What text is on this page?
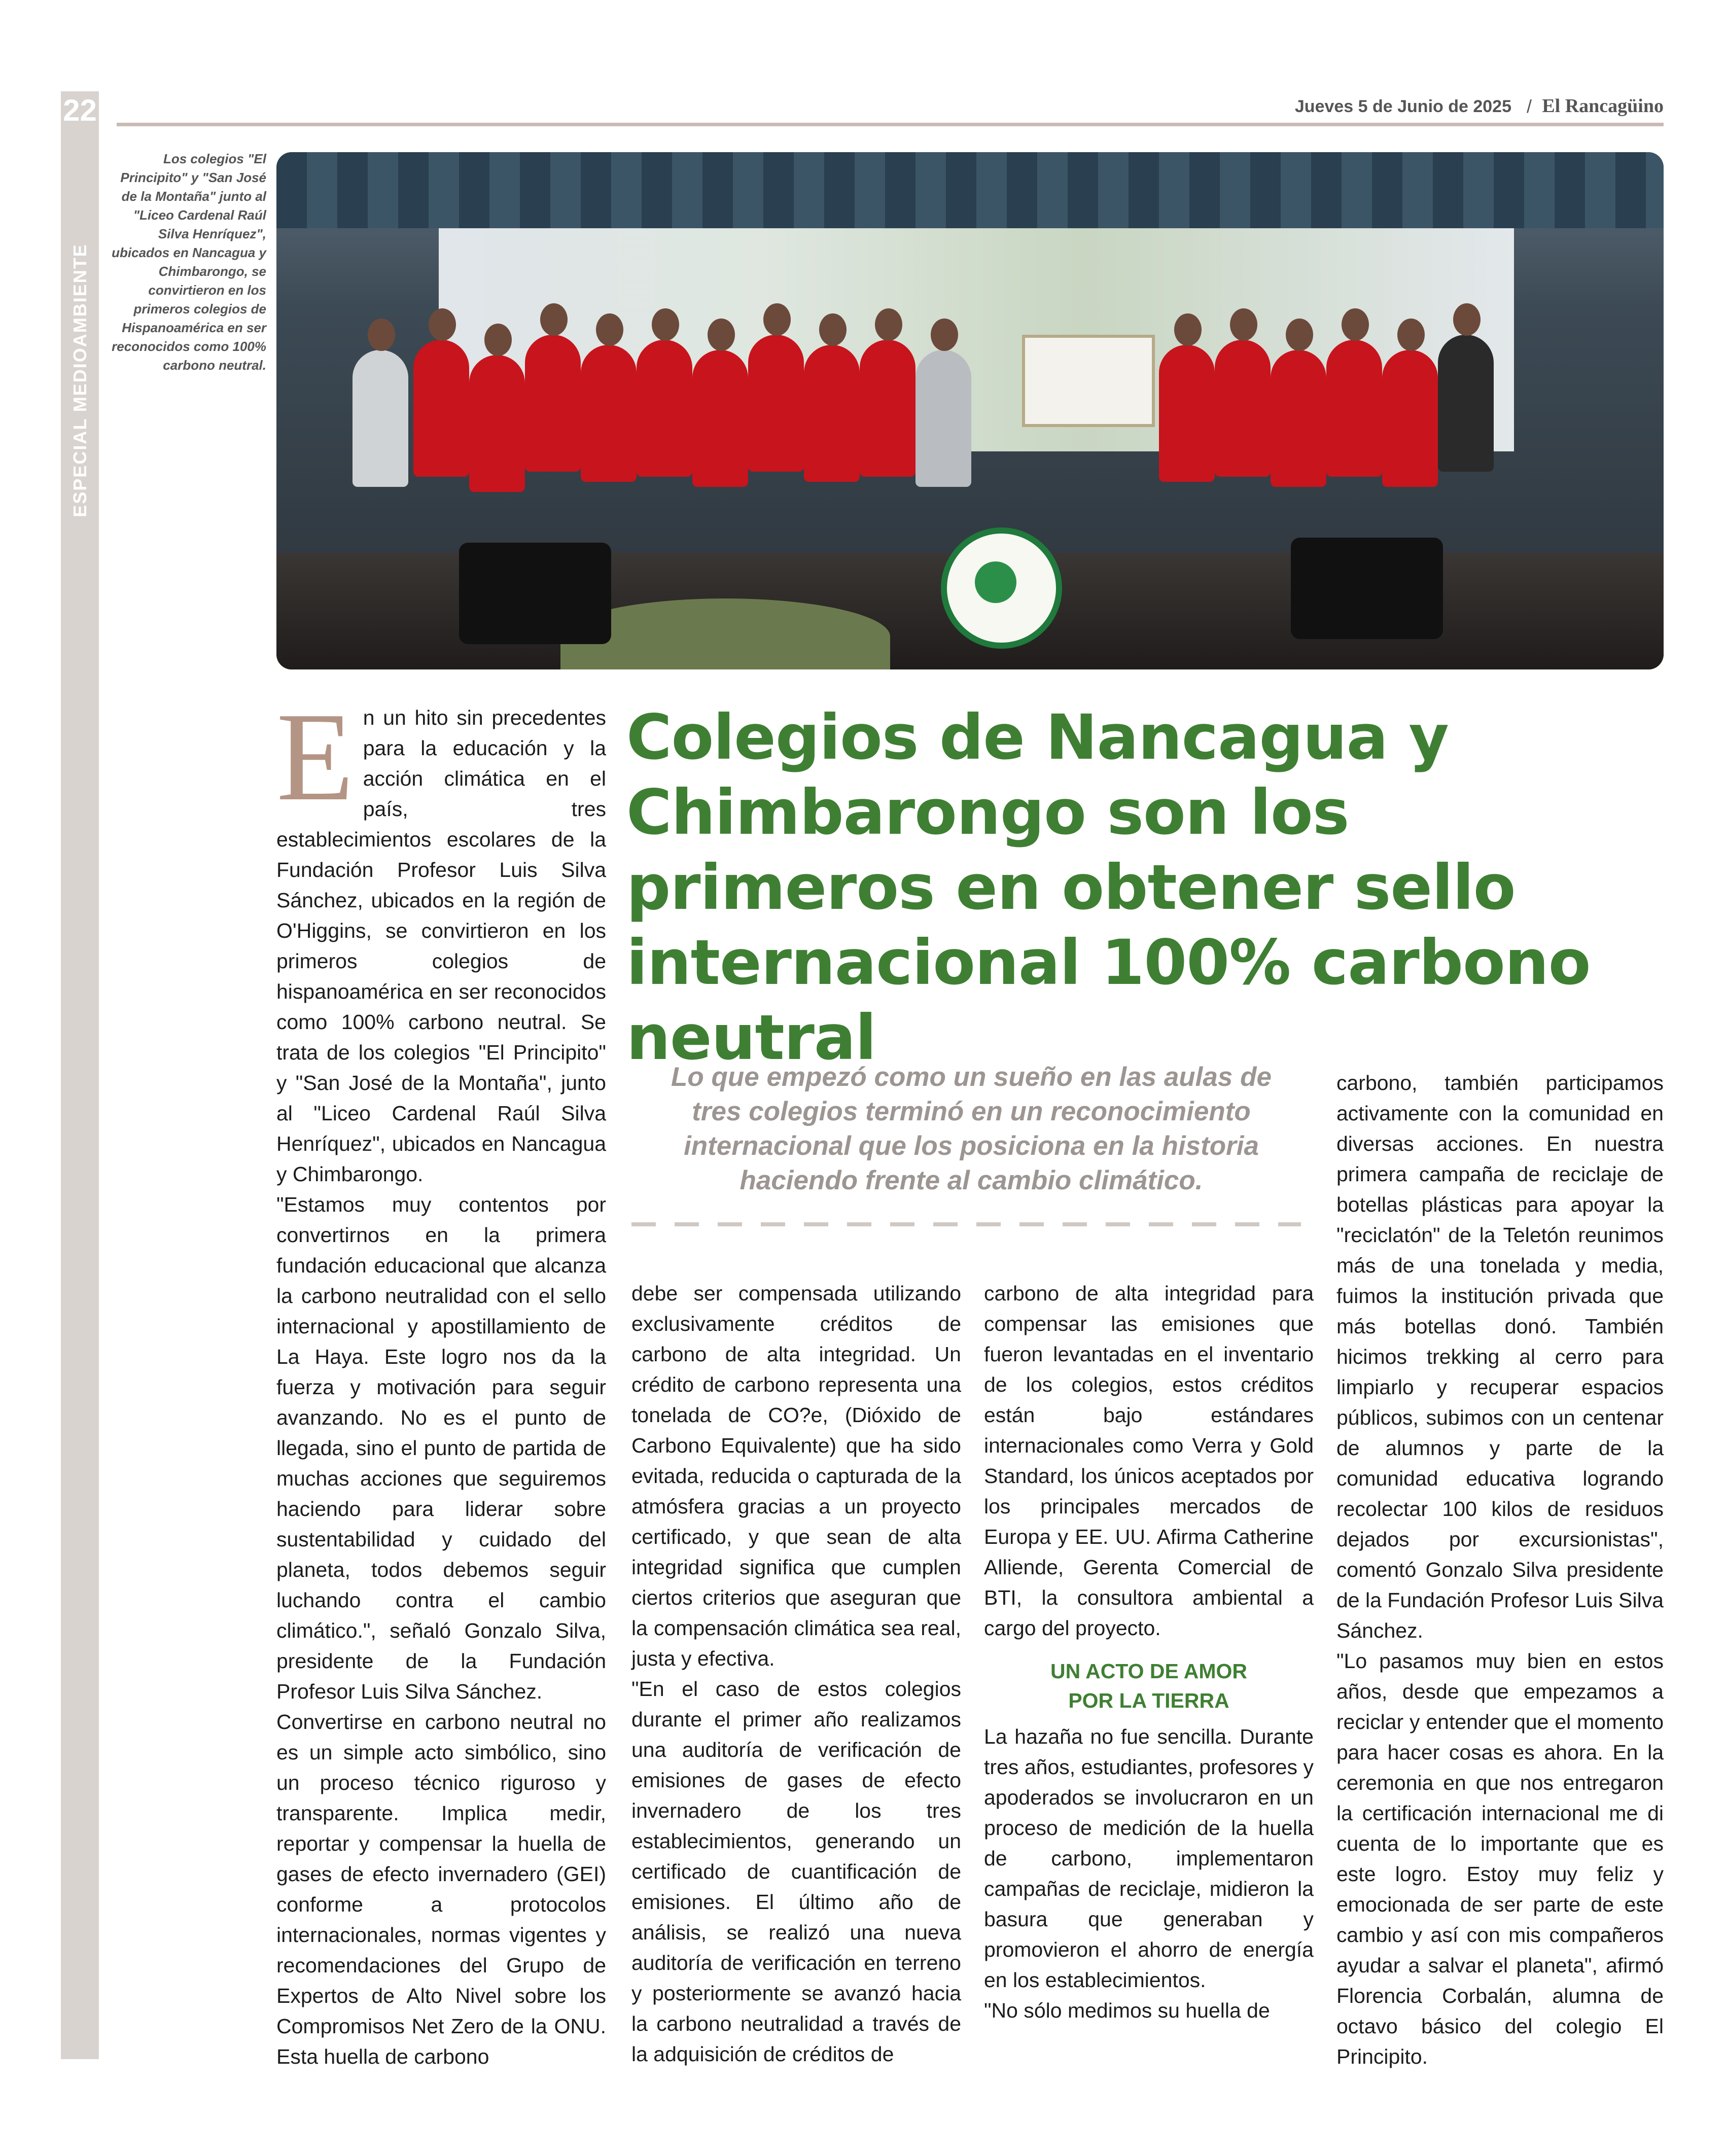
22
ESPECIAL MEDIOAMBIENTE
Jueves 5 de Junio de 2025 / El Rancagüino
Los colegios "El Principito" y "San José de la Montaña" junto al "Liceo Cardenal Raúl Silva Henríquez", ubicados en Nancagua y Chimbarongo, se convirtieron en los primeros colegios de Hispanoamérica en ser reconocidos como 100% carbono neutral.
Colegios de Nancagua y Chimbarongo son los primeros en obtener sello internacional 100% carbono neutral

Lo que empezó como un sueño en las aulas de tres colegios terminó en un reconocimiento internacional que los posiciona en la historia haciendo frente al cambio climático.

E n un hito sin precedentes para la educación y la acción climática en el país, tres establecimientos escolares de la Fundación Profesor Luis Silva Sánchez, ubicados en la región de O'Higgins, se convirtieron en los primeros colegios de hispanoamérica en ser reconocidos como 100% carbono neutral. Se trata de los colegios "El Principito" y "San José de la Montaña", junto al "Liceo Cardenal Raúl Silva Henríquez", ubicados en Nancagua y Chimbarongo.

"Estamos muy contentos por convertirnos en la primera fundación educacional que alcanza la carbono neutralidad con el sello internacional y apostillamiento de La Haya. Este logro nos da la fuerza y motivación para seguir avanzando. No es el punto de llegada, sino el punto de partida de muchas acciones que seguiremos haciendo para liderar sobre sustentabilidad y cuidado del planeta, todos debemos seguir luchando contra el cambio climático.", señaló Gonzalo Silva, presidente de la Fundación Profesor Luis Silva Sánchez.

Convertirse en carbono neutral no es un simple acto simbólico, sino un proceso técnico riguroso y transparente. Implica medir, reportar y compensar la huella de gases de efecto invernadero (GEI) conforme a protocolos internacionales, normas vigentes y recomendaciones del Grupo de Expertos de Alto Nivel sobre los Compromisos Net Zero de la ONU. Esta huella de carbono

debe ser compensada utilizando exclusivamente créditos de carbono de alta integridad. Un crédito de carbono representa una tonelada de CO?e, (Dióxido de Carbono Equivalente) que ha sido evitada, reducida o capturada de la atmósfera gracias a un proyecto certificado, y que sean de alta integridad significa que cumplen ciertos criterios que aseguran que la compensación climática sea real, justa y efectiva.

"En el caso de estos colegios durante el primer año realizamos una auditoría de verificación de emisiones de gases de efecto invernadero de los tres establecimientos, generando un certificado de cuantificación de emisiones. El último año de análisis, se realizó una nueva auditoría de verificación en terreno y posteriormente se avanzó hacia la carbono neutralidad a través de la adquisición de créditos de

carbono de alta integridad para compensar las emisiones que fueron levantadas en el inventario de los colegios, estos créditos están bajo estándares internacionales como Verra y Gold Standard, los únicos aceptados por los principales mercados de Europa y EE. UU. Afirma Catherine Alliende, Gerenta Comercial de BTI, la consultora ambiental a cargo del proyecto.

UN ACTO DE AMOR
POR LA TIERRA

La hazaña no fue sencilla. Durante tres años, estudiantes, profesores y apoderados se involucraron en un proceso de medición de la huella de carbono, implementaron campañas de reciclaje, midieron la basura que generaban y promovieron el ahorro de energía en los establecimientos.

"No sólo medimos su huella de

carbono, también participamos activamente con la comunidad en diversas acciones. En nuestra primera campaña de reciclaje de botellas plásticas para apoyar la "reciclatón" de la Teletón reunimos más de una tonelada y media, fuimos la institución privada que más botellas donó. También hicimos trekking al cerro para limpiarlo y recuperar espacios públicos, subimos con un centenar de alumnos y parte de la comunidad educativa logrando recolectar 100 kilos de residuos dejados por excursionistas", comentó Gonzalo Silva presidente de la Fundación Profesor Luis Silva Sánchez.

"Lo pasamos muy bien en estos años, desde que empezamos a reciclar y entender que el momento para hacer cosas es ahora. En la ceremonia en que nos entregaron la certificación internacional me di cuenta de lo importante que es este logro. Estoy muy feliz y emocionada de ser parte de este cambio y así con mis compañeros ayudar a salvar el planeta", afirmó Florencia Corbalán, alumna de octavo básico del colegio El Principito.
